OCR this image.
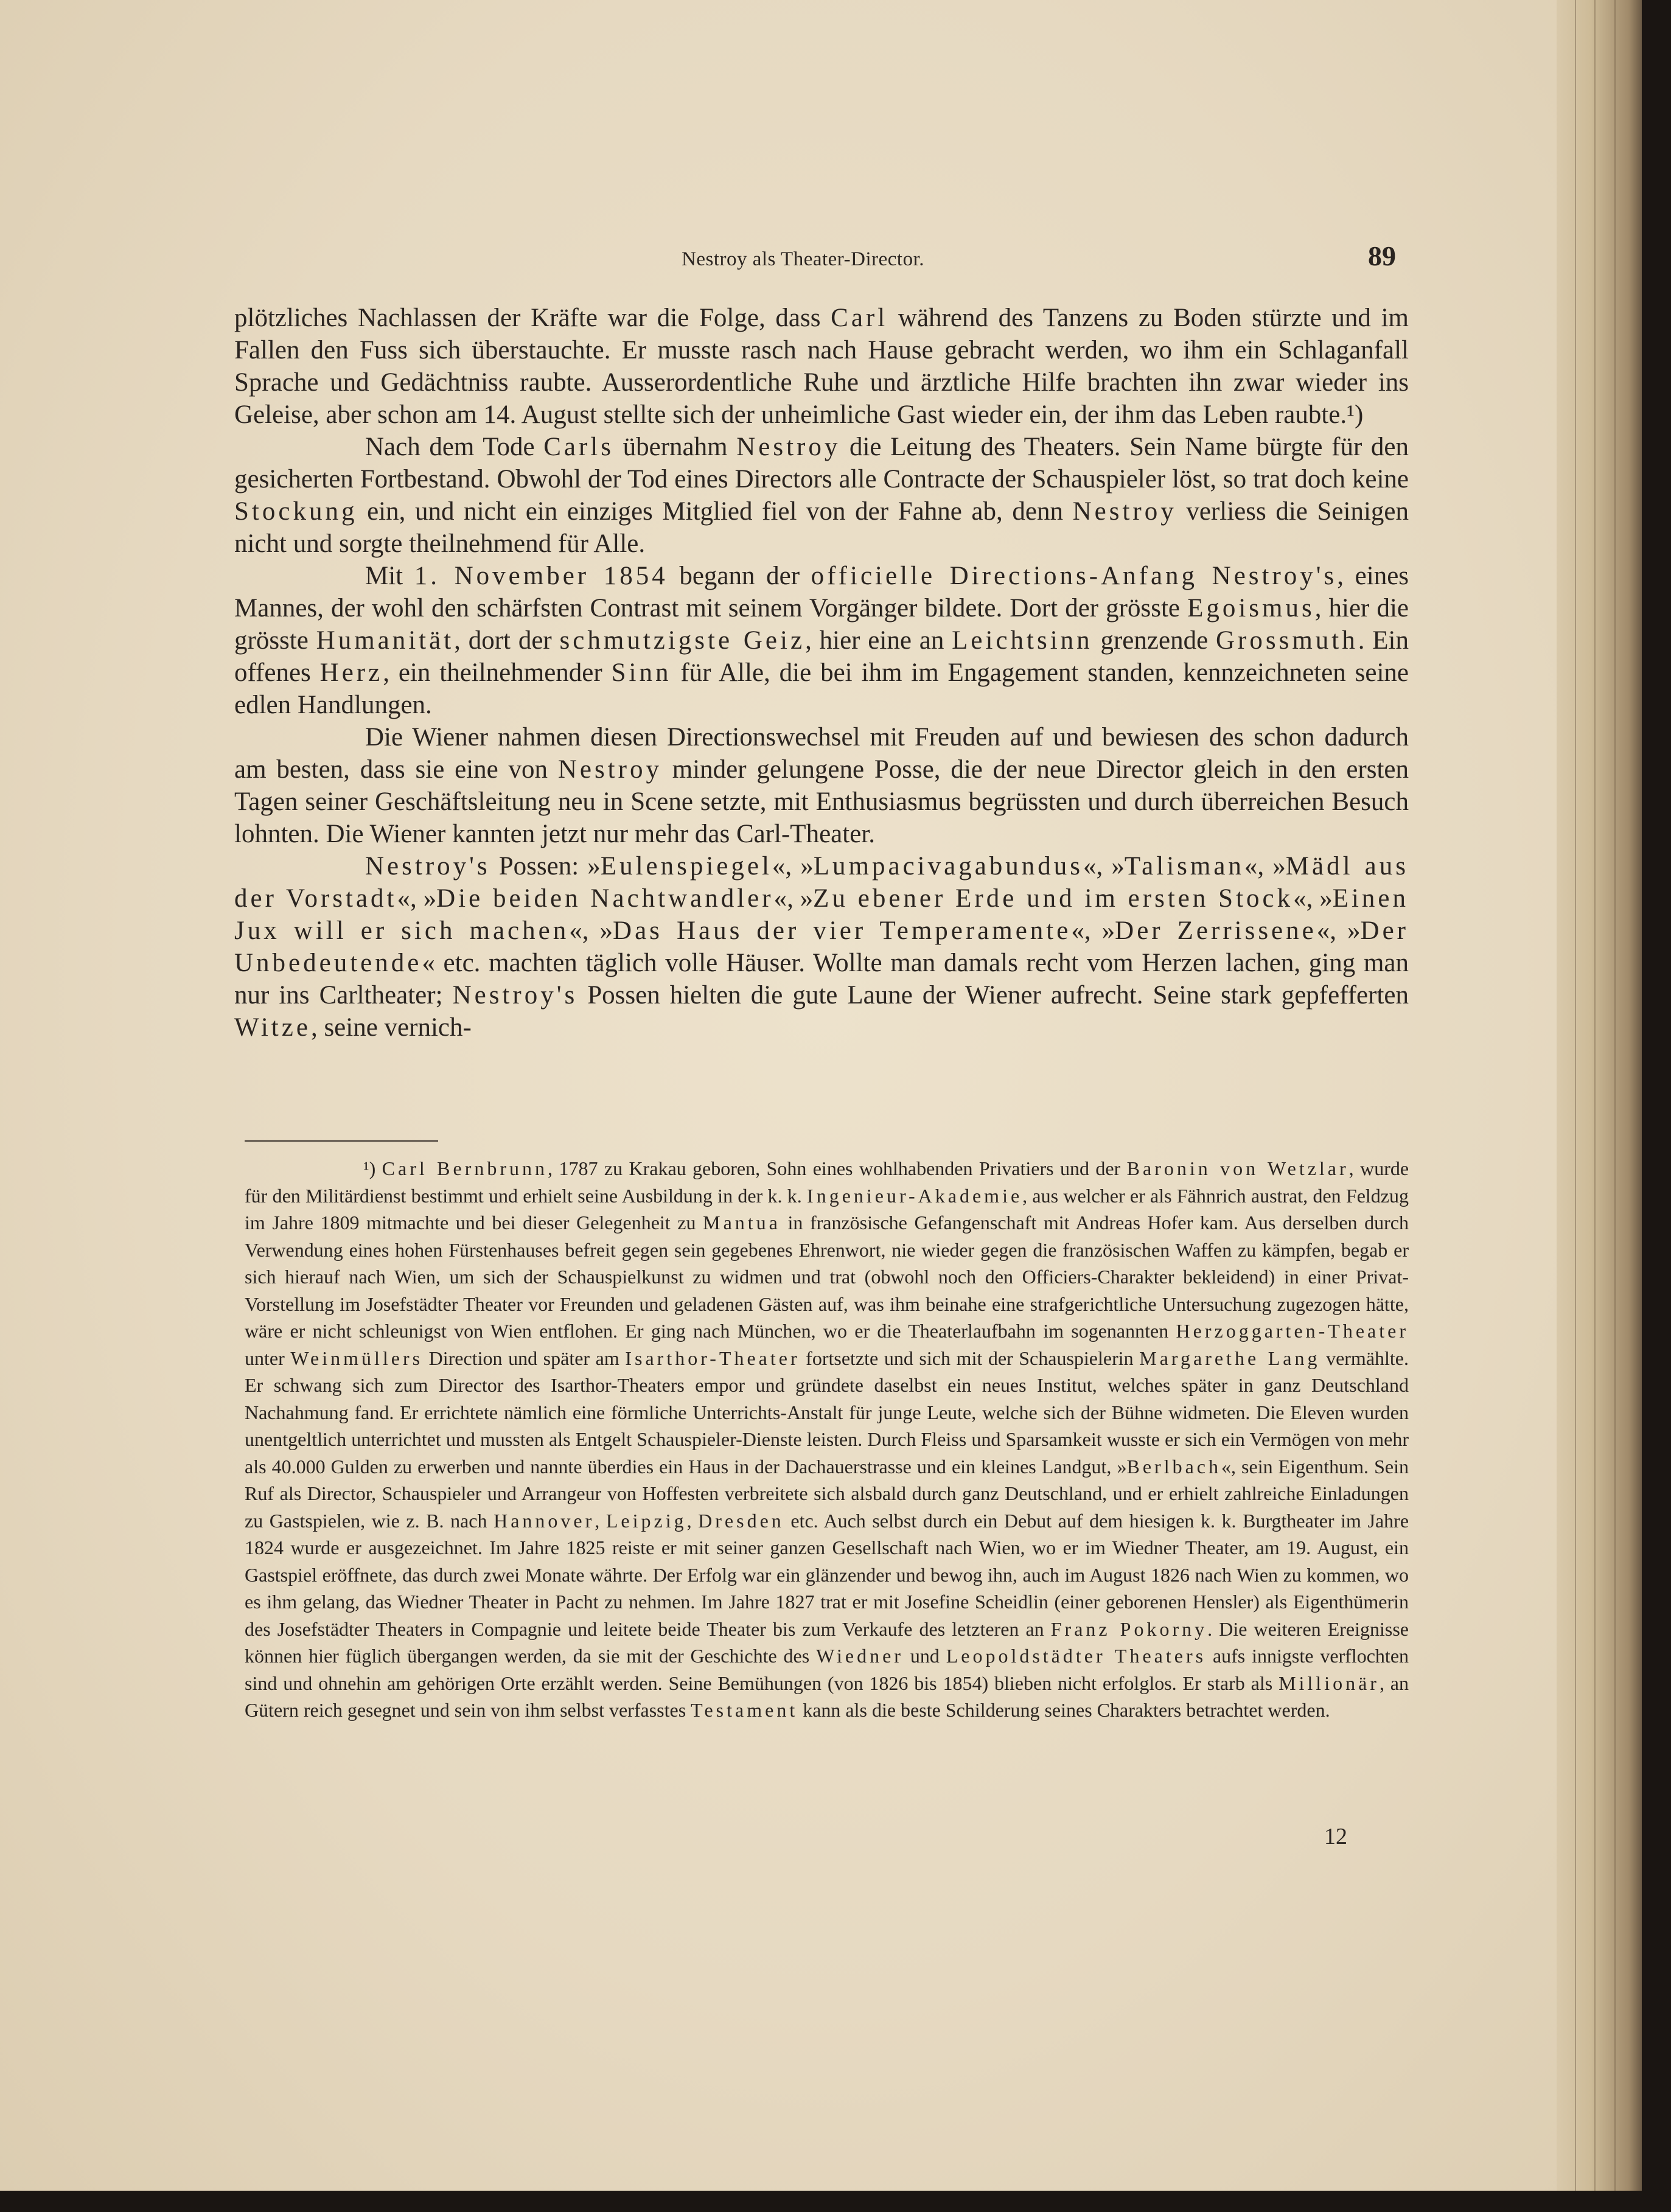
Nestroy als Theater-Director.	89

plötzliches Nachlassen der Kräfte war die Folge, dass Carl während des Tanzens zu Boden stürzte und im Fallen den Fuss sich überstauchte. Er musste rasch nach Hause gebracht werden, wo ihm ein Schlaganfall Sprache und Gedächtniss raubte. Ausserordentliche Ruhe und ärztliche Hilfe brachten ihn zwar wieder ins Geleise, aber schon am 14. August stellte sich der unheimliche Gast wieder ein, der ihm das Leben raubte.¹)

Nach dem Tode Carls übernahm Nestroy die Leitung des Theaters. Sein Name bürgte für den gesicherten Fortbestand. Obwohl der Tod eines Directors alle Contracte der Schauspieler löst, so trat doch keine Stockung ein, und nicht ein einziges Mitglied fiel von der Fahne ab, denn Nestroy verliess die Seinigen nicht und sorgte theilnehmend für Alle.

Mit 1. November 1854 begann der officielle Directions-Anfang Nestroy's, eines Mannes, der wohl den schärfsten Contrast mit seinem Vorgänger bildete. Dort der grösste Egoismus, hier die grösste Humanität, dort der schmutzigste Geiz, hier eine an Leichtsinn grenzende Grossmuth. Ein offenes Herz, ein theilnehmender Sinn für Alle, die bei ihm im Engagement standen, kennzeichneten seine edlen Handlungen.

Die Wiener nahmen diesen Directionswechsel mit Freuden auf und bewiesen des schon dadurch am besten, dass sie eine von Nestroy minder gelungene Posse, die der neue Director gleich in den ersten Tagen seiner Geschäftsleitung neu in Scene setzte, mit Enthusiasmus begrüssten und durch überreichen Besuch lohnten. Die Wiener kannten jetzt nur mehr das Carl-Theater.

Nestroy's Possen: »Eulenspiegel«, »Lumpacivagabundus«, »Talisman«, »Mädl aus der Vorstadt«, »Die beiden Nachtwandler«, »Zu ebener Erde und im ersten Stock«, »Einen Jux will er sich machen«, »Das Haus der vier Temperamente«, »Der Zerrissene«, »Der Unbedeutende« etc. machten täglich volle Häuser. Wollte man damals recht vom Herzen lachen, ging man nur ins Carltheater; Nestroy's Possen hielten die gute Laune der Wiener aufrecht. Seine stark gepfefferten Witze, seine vernich-

¹) Carl Bernbrunn, 1787 zu Krakau geboren, Sohn eines wohlhabenden Privatiers und der Baronin von Wetzlar, wurde für den Militärdienst bestimmt und erhielt seine Ausbildung in der k. k. Ingenieur-Akademie, aus welcher er als Fähnrich austrat, den Feldzug im Jahre 1809 mitmachte und bei dieser Gelegenheit zu Mantua in französische Gefangenschaft mit Andreas Hofer kam. Aus derselben durch Verwendung eines hohen Fürstenhauses befreit gegen sein gegebenes Ehrenwort, nie wieder gegen die französischen Waffen zu kämpfen, begab er sich hierauf nach Wien, um sich der Schauspielkunst zu widmen und trat (obwohl noch den Officiers-Charakter bekleidend) in einer Privat-Vorstellung im Josefstädter Theater vor Freunden und geladenen Gästen auf, was ihm beinahe eine strafgerichtliche Untersuchung zugezogen hätte, wäre er nicht schleunigst von Wien entflohen. Er ging nach München, wo er die Theaterlaufbahn im sogenannten Herzoggarten-Theater unter Weinmüllers Direction und später am Isarthor-Theater fortsetzte und sich mit der Schauspielerin Margarethe Lang vermählte. Er schwang sich zum Director des Isarthor-Theaters empor und gründete daselbst ein neues Institut, welches später in ganz Deutschland Nachahmung fand. Er errichtete nämlich eine förmliche Unterrichts-Anstalt für junge Leute, welche sich der Bühne widmeten. Die Eleven wurden unentgeltlich unterrichtet und mussten als Entgelt Schauspieler-Dienste leisten. Durch Fleiss und Sparsamkeit wusste er sich ein Vermögen von mehr als 40.000 Gulden zu erwerben und nannte überdies ein Haus in der Dachauerstrasse und ein kleines Landgut, »Berlbach«, sein Eigenthum. Sein Ruf als Director, Schauspieler und Arrangeur von Hoffesten verbreitete sich alsbald durch ganz Deutschland, und er erhielt zahlreiche Einladungen zu Gastspielen, wie z. B. nach Hannover, Leipzig, Dresden etc. Auch selbst durch ein Debut auf dem hiesigen k. k. Burgtheater im Jahre 1824 wurde er ausgezeichnet. Im Jahre 1825 reiste er mit seiner ganzen Gesellschaft nach Wien, wo er im Wiedner Theater, am 19. August, ein Gastspiel eröffnete, das durch zwei Monate währte. Der Erfolg war ein glänzender und bewog ihn, auch im August 1826 nach Wien zu kommen, wo es ihm gelang, das Wiedner Theater in Pacht zu nehmen. Im Jahre 1827 trat er mit Josefine Scheidlin (einer geborenen Hensler) als Eigenthümerin des Josefstädter Theaters in Compagnie und leitete beide Theater bis zum Verkaufe des letzteren an Franz Pokorny. Die weiteren Ereignisse können hier füglich übergangen werden, da sie mit der Geschichte des Wiedner und Leopoldstädter Theaters aufs innigste verflochten sind und ohnehin am gehörigen Orte erzählt werden. Seine Bemühungen (von 1826 bis 1854) blieben nicht erfolglos. Er starb als Millionär, an Gütern reich gesegnet und sein von ihm selbst verfasstes Testament kann als die beste Schilderung seines Charakters betrachtet werden.

12
